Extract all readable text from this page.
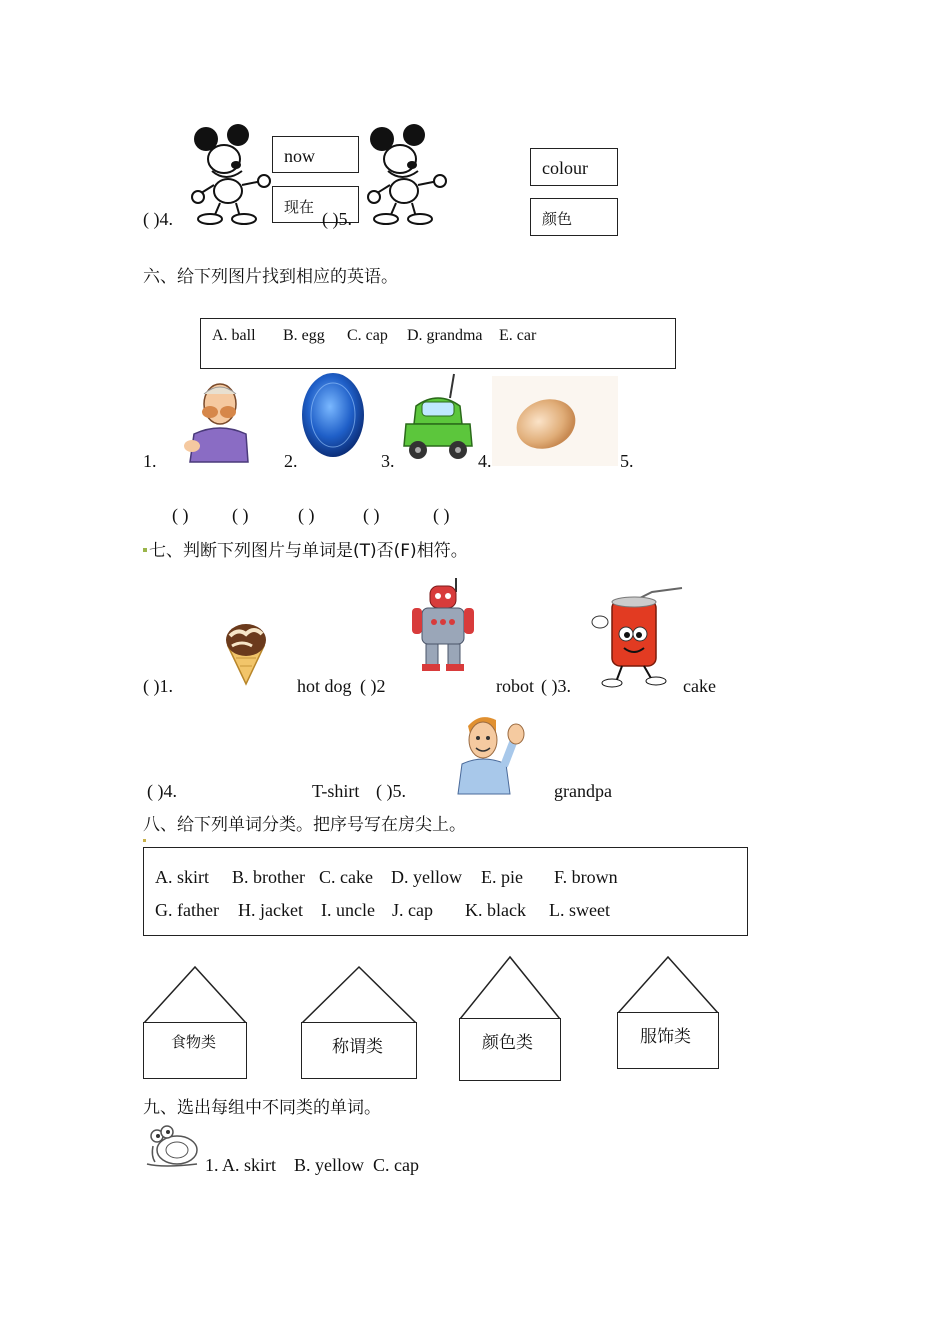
( )4.
now
现在
( )5.
colour
颜色
六、给下列图片找到相应的英语。
A. ball B. egg C. cap D. grandma E. car
1.	2.	3.	4.	5.
( ) ( )	( )	( )	( )
七、判断下列图片与单词是(T)否(F)相符。
( )1.	hot dog ( )2	robot ( )3.	cake
( )4.	T-shirt ( )5.	grandpa
八、给下列单词分类。把序号写在房尖上。
A. skirt B. brother C. cake D. yellow E. pie F. brown
G. father H. jacket I. uncle J. cap K. black L. sweet
食物类	称谓类	颜色类	服饰类
九、选出每组中不同类的单词。
1. A. skirt    B. yellow  C. cap
